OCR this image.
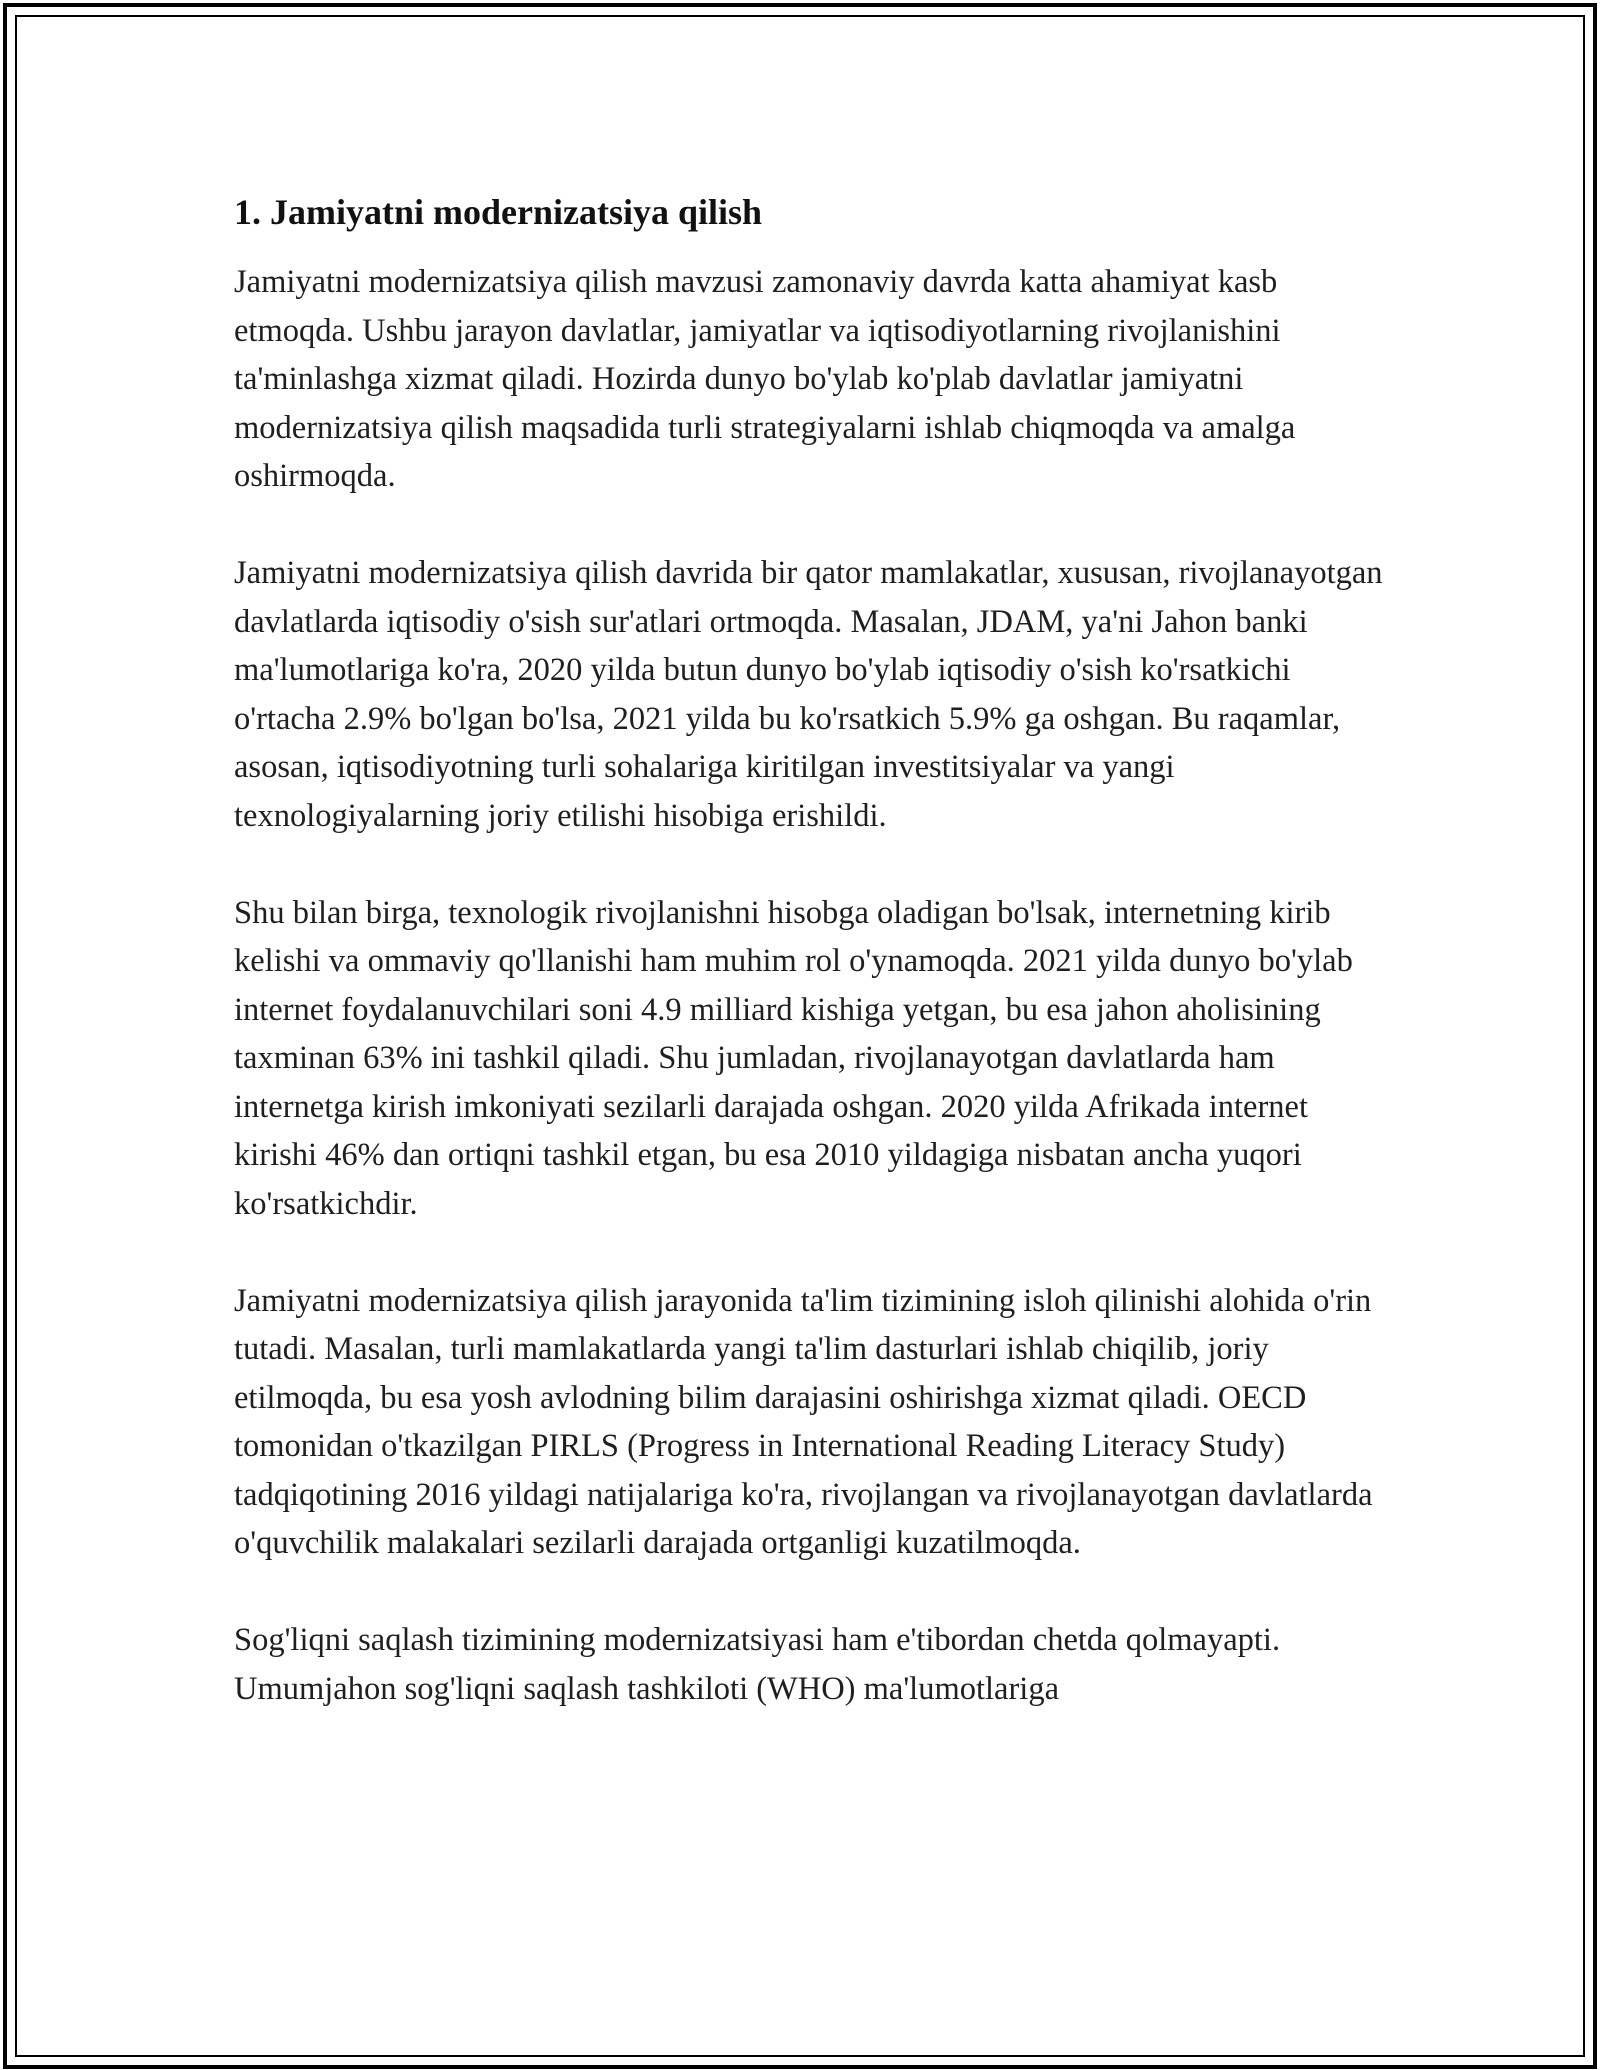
1. Jamiyatni modernizatsiya qilish

Jamiyatni modernizatsiya qilish mavzusi zamonaviy davrda katta ahamiyat kasb etmoqda. Ushbu jarayon davlatlar, jamiyatlar va iqtisodiyotlarning rivojlanishini ta'minlashga xizmat qiladi. Hozirda dunyo bo'ylab ko'plab davlatlar jamiyatni modernizatsiya qilish maqsadida turli strategiyalarni ishlab chiqmoqda va amalga oshirmoqda.

Jamiyatni modernizatsiya qilish davrida bir qator mamlakatlar, xususan, rivojlanayotgan davlatlarda iqtisodiy o'sish sur'atlari ortmoqda. Masalan, JDAM, ya'ni Jahon banki ma'lumotlariga ko'ra, 2020 yilda butun dunyo bo'ylab iqtisodiy o'sish ko'rsatkichi o'rtacha 2.9% bo'lgan bo'lsa, 2021 yilda bu ko'rsatkich 5.9% ga oshgan. Bu raqamlar, asosan, iqtisodiyotning turli sohalariga kiritilgan investitsiyalar va yangi texnologiyalarning joriy etilishi hisobiga erishildi.

Shu bilan birga, texnologik rivojlanishni hisobga oladigan bo'lsak, internetning kirib kelishi va ommaviy qo'llanishi ham muhim rol o'ynamoqda. 2021 yilda dunyo bo'ylab internet foydalanuvchilari soni 4.9 milliard kishiga yetgan, bu esa jahon aholisining taxminan 63% ini tashkil qiladi. Shu jumladan, rivojlanayotgan davlatlarda ham internetga kirish imkoniyati sezilarli darajada oshgan. 2020 yilda Afrikada internet kirishi 46% dan ortiqni tashkil etgan, bu esa 2010 yildagiga nisbatan ancha yuqori ko'rsatkichdir.

Jamiyatni modernizatsiya qilish jarayonida ta'lim tizimining isloh qilinishi alohida o'rin tutadi. Masalan, turli mamlakatlarda yangi ta'lim dasturlari ishlab chiqilib, joriy etilmoqda, bu esa yosh avlodning bilim darajasini oshirishga xizmat qiladi. OECD tomonidan o'tkazilgan PIRLS (Progress in International Reading Literacy Study) tadqiqotining 2016 yildagi natijalariga ko'ra, rivojlangan va rivojlanayotgan davlatlarda o'quvchilik malakalari sezilarli darajada ortganligi kuzatilmoqda.

Sog'liqni saqlash tizimining modernizatsiyasi ham e'tibordan chetda qolmayapti. Umumjahon sog'liqni saqlash tashkiloti (WHO) ma'lumotlariga
